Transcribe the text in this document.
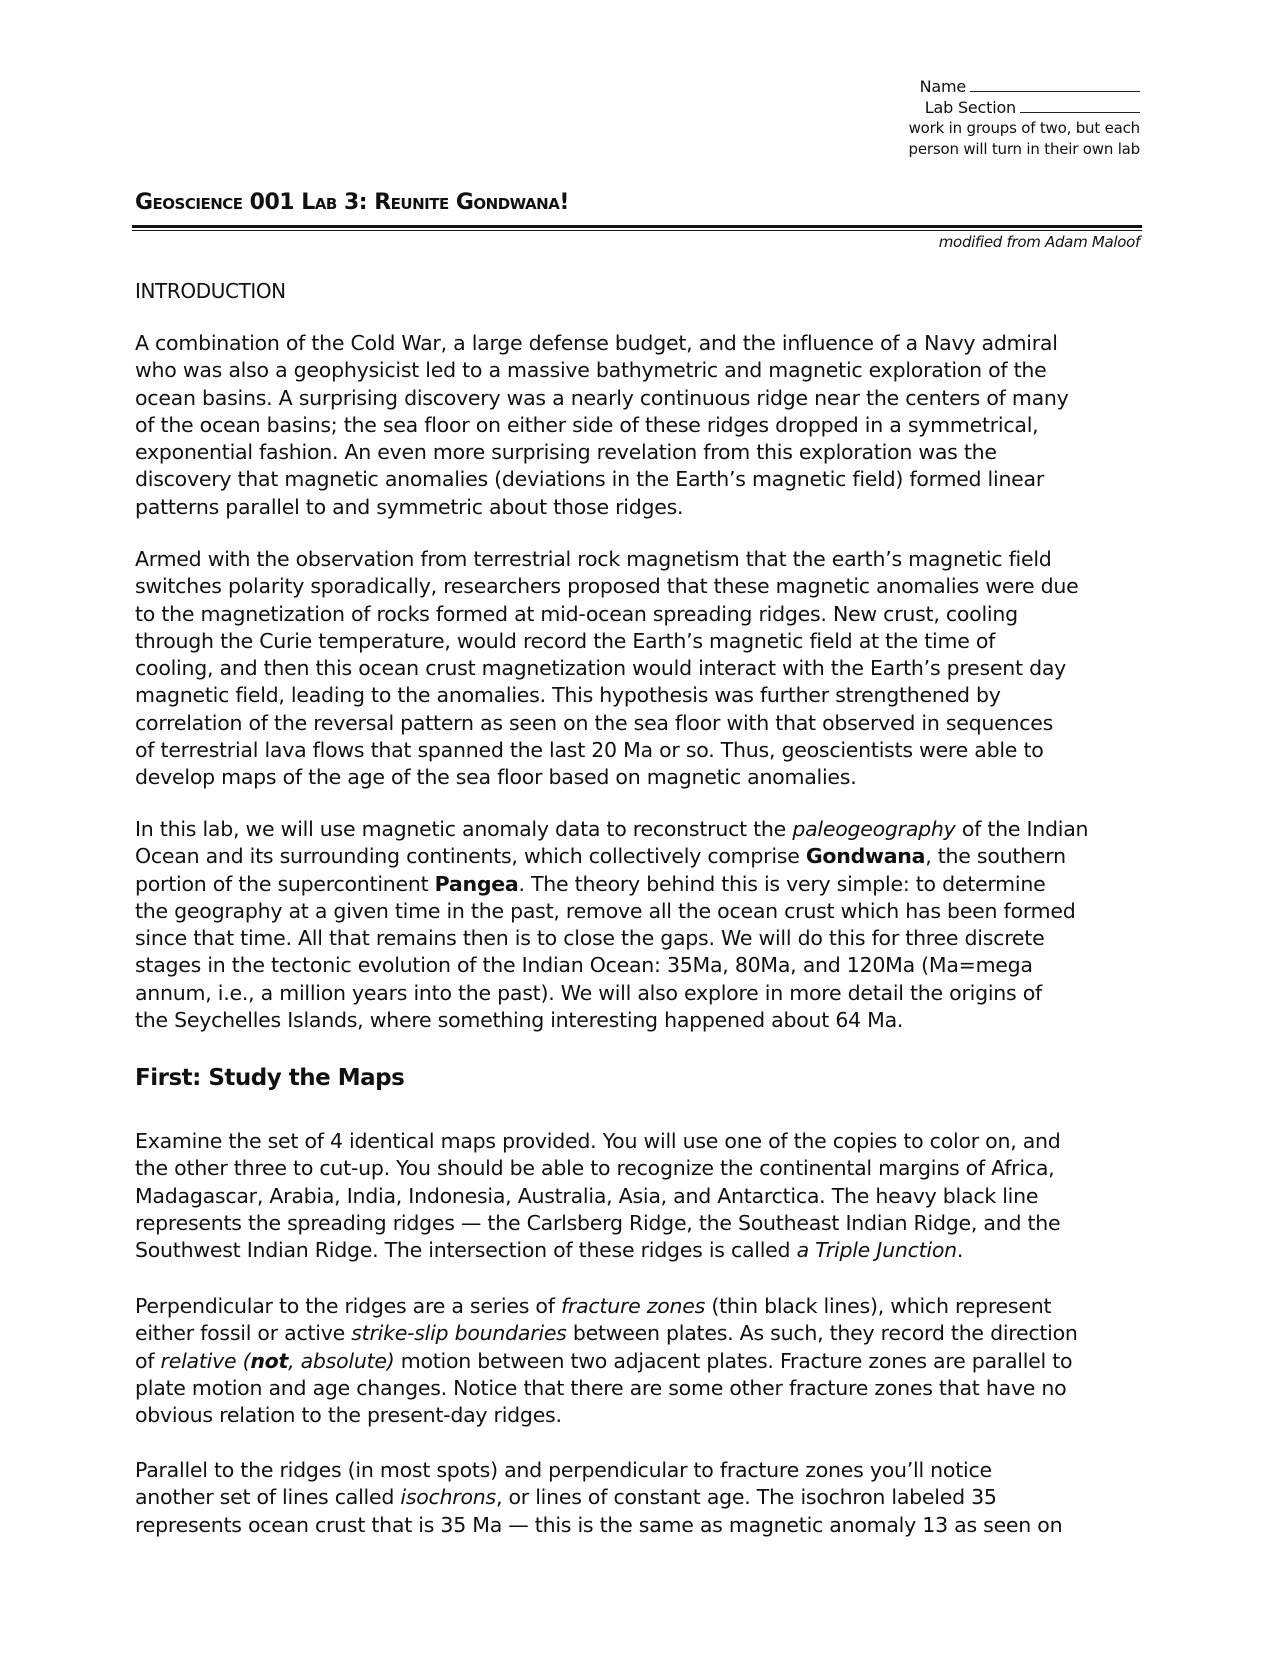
Name
Lab Section
work in groups of two, but each
person will turn in their own lab
Geoscience 001 Lab 3: Reunite Gondwana!
modified from Adam Maloof
INTRODUCTION

A combination of the Cold War, a large defense budget, and the influence of a Navy admiral
who was also a geophysicist led to a massive bathymetric and magnetic exploration of the
ocean basins. A surprising discovery was a nearly continuous ridge near the centers of many
of the ocean basins; the sea floor on either side of these ridges dropped in a symmetrical,
exponential fashion. An even more surprising revelation from this exploration was the
discovery that magnetic anomalies (deviations in the Earth’s magnetic field) formed linear
patterns parallel to and symmetric about those ridges.

Armed with the observation from terrestrial rock magnetism that the earth’s magnetic field
switches polarity sporadically, researchers proposed that these magnetic anomalies were due
to the magnetization of rocks formed at mid-ocean spreading ridges. New crust, cooling
through the Curie temperature, would record the Earth’s magnetic field at the time of
cooling, and then this ocean crust magnetization would interact with the Earth’s present day
magnetic field, leading to the anomalies. This hypothesis was further strengthened by
correlation of the reversal pattern as seen on the sea floor with that observed in sequences
of terrestrial lava flows that spanned the last 20 Ma or so. Thus, geoscientists were able to
develop maps of the age of the sea floor based on magnetic anomalies.

In this lab, we will use magnetic anomaly data to reconstruct the paleogeography of the Indian
Ocean and its surrounding continents, which collectively comprise Gondwana, the southern
portion of the supercontinent Pangea. The theory behind this is very simple: to determine
the geography at a given time in the past, remove all the ocean crust which has been formed
since that time. All that remains then is to close the gaps. We will do this for three discrete
stages in the tectonic evolution of the Indian Ocean: 35Ma, 80Ma, and 120Ma (Ma=mega
annum, i.e., a million years into the past). We will also explore in more detail the origins of
the Seychelles Islands, where something interesting happened about 64 Ma.

First: Study the Maps

Examine the set of 4 identical maps provided. You will use one of the copies to color on, and
the other three to cut-up. You should be able to recognize the continental margins of Africa,
Madagascar, Arabia, India, Indonesia, Australia, Asia, and Antarctica. The heavy black line
represents the spreading ridges — the Carlsberg Ridge, the Southeast Indian Ridge, and the
Southwest Indian Ridge. The intersection of these ridges is called a Triple Junction.

Perpendicular to the ridges are a series of fracture zones (thin black lines), which represent
either fossil or active strike-slip boundaries between plates. As such, they record the direction
of relative (not, absolute) motion between two adjacent plates. Fracture zones are parallel to
plate motion and age changes. Notice that there are some other fracture zones that have no
obvious relation to the present-day ridges.

Parallel to the ridges (in most spots) and perpendicular to fracture zones you’ll notice
another set of lines called isochrons, or lines of constant age. The isochron labeled 35
represents ocean crust that is 35 Ma — this is the same as magnetic anomaly 13 as seen on
